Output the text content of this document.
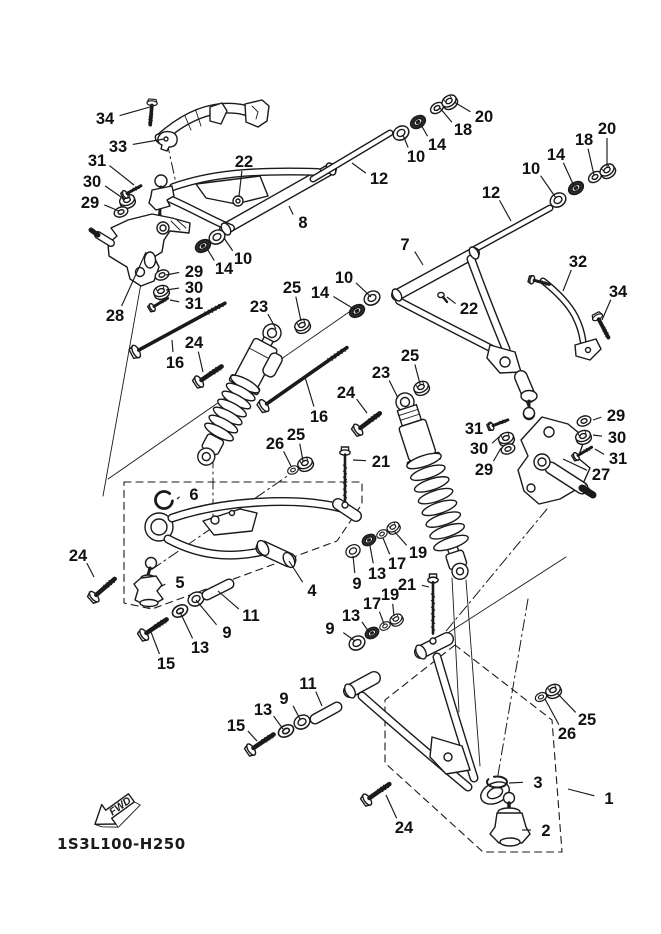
FWD
1S3L100-H250
34
33
31
30
29
22
8
12
10
14
18
20
20
18
14
10
12
7
22
32
34
29
30
31
28
10
14
16
24
25
23
14
10
25
23
24
16
26 25
21
31
30
29
29
30
31
27
6
5
24
15
13
9
11
4 9
13
17
19
21
19
17
13
9
11
9
13
15	25
26
3
2
1
24
